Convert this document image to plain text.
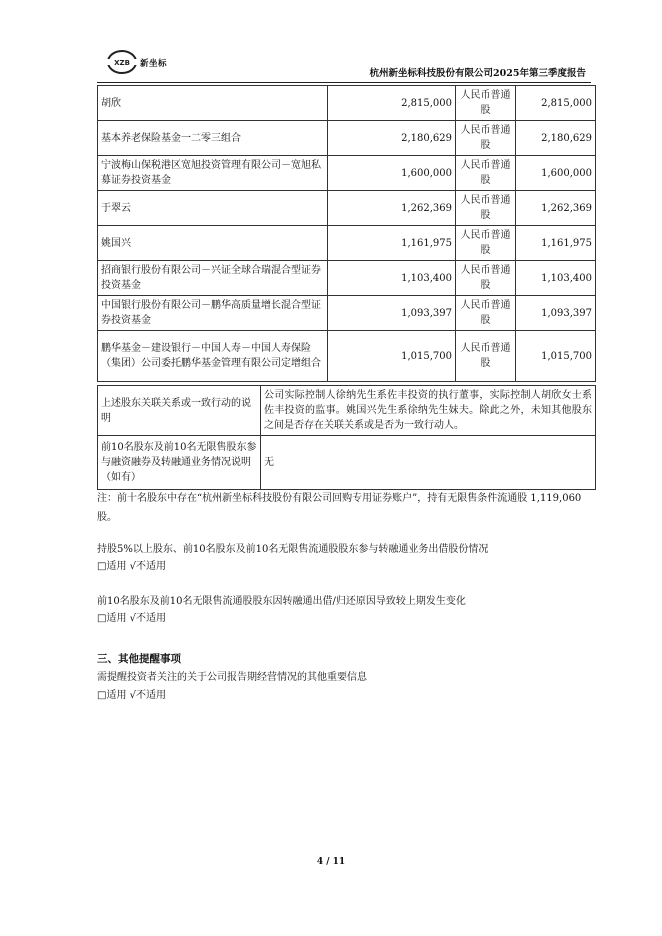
XZB 新坐标
杭州新坐标科技股份有限公司2025年第三季度报告
胡欣	2,815,000	人民币普通股	2,815,000
基本养老保险基金一二零三组合	2,180,629	人民币普通股	2,180,629
宁波梅山保税港区宽旭投资管理有限公司－宽旭私募证券投资基金	1,600,000	人民币普通股	1,600,000
于翠云	1,262,369	人民币普通股	1,262,369
姚国兴	1,161,975	人民币普通股	1,161,975
招商银行股份有限公司－兴证全球合瑞混合型证券投资基金	1,103,400	人民币普通股	1,103,400
中国银行股份有限公司－鹏华高质量增长混合型证券投资基金	1,093,397	人民币普通股	1,093,397
鹏华基金－建设银行－中国人寿－中国人寿保险（集团）公司委托鹏华基金管理有限公司定增组合	1,015,700	人民币普通股	1,015,700
上述股东关联关系或一致行动的说明	公司实际控制人徐纳先生系佐丰投资的执行董事，实际控制人胡欣女士系佐丰投资的监事。姚国兴先生系徐纳先生妹夫。除此之外，未知其他股东之间是否存在关联关系或是否为一致行动人。
前10名股东及前10名无限售股东参与融资融券及转融通业务情况说明（如有）	无
注：前十名股东中存在“杭州新坐标科技股份有限公司回购专用证券账户”，持有无限售条件流通股 1,119,060 股。
持股5%以上股东、前10名股东及前10名无限售流通股股东参与转融通业务出借股份情况
□适用 √不适用
前10名股东及前10名无限售流通股股东因转融通出借/归还原因导致较上期发生变化
□适用 √不适用
三、其他提醒事项
需提醒投资者关注的关于公司报告期经营情况的其他重要信息
□适用 √不适用
4 / 11
